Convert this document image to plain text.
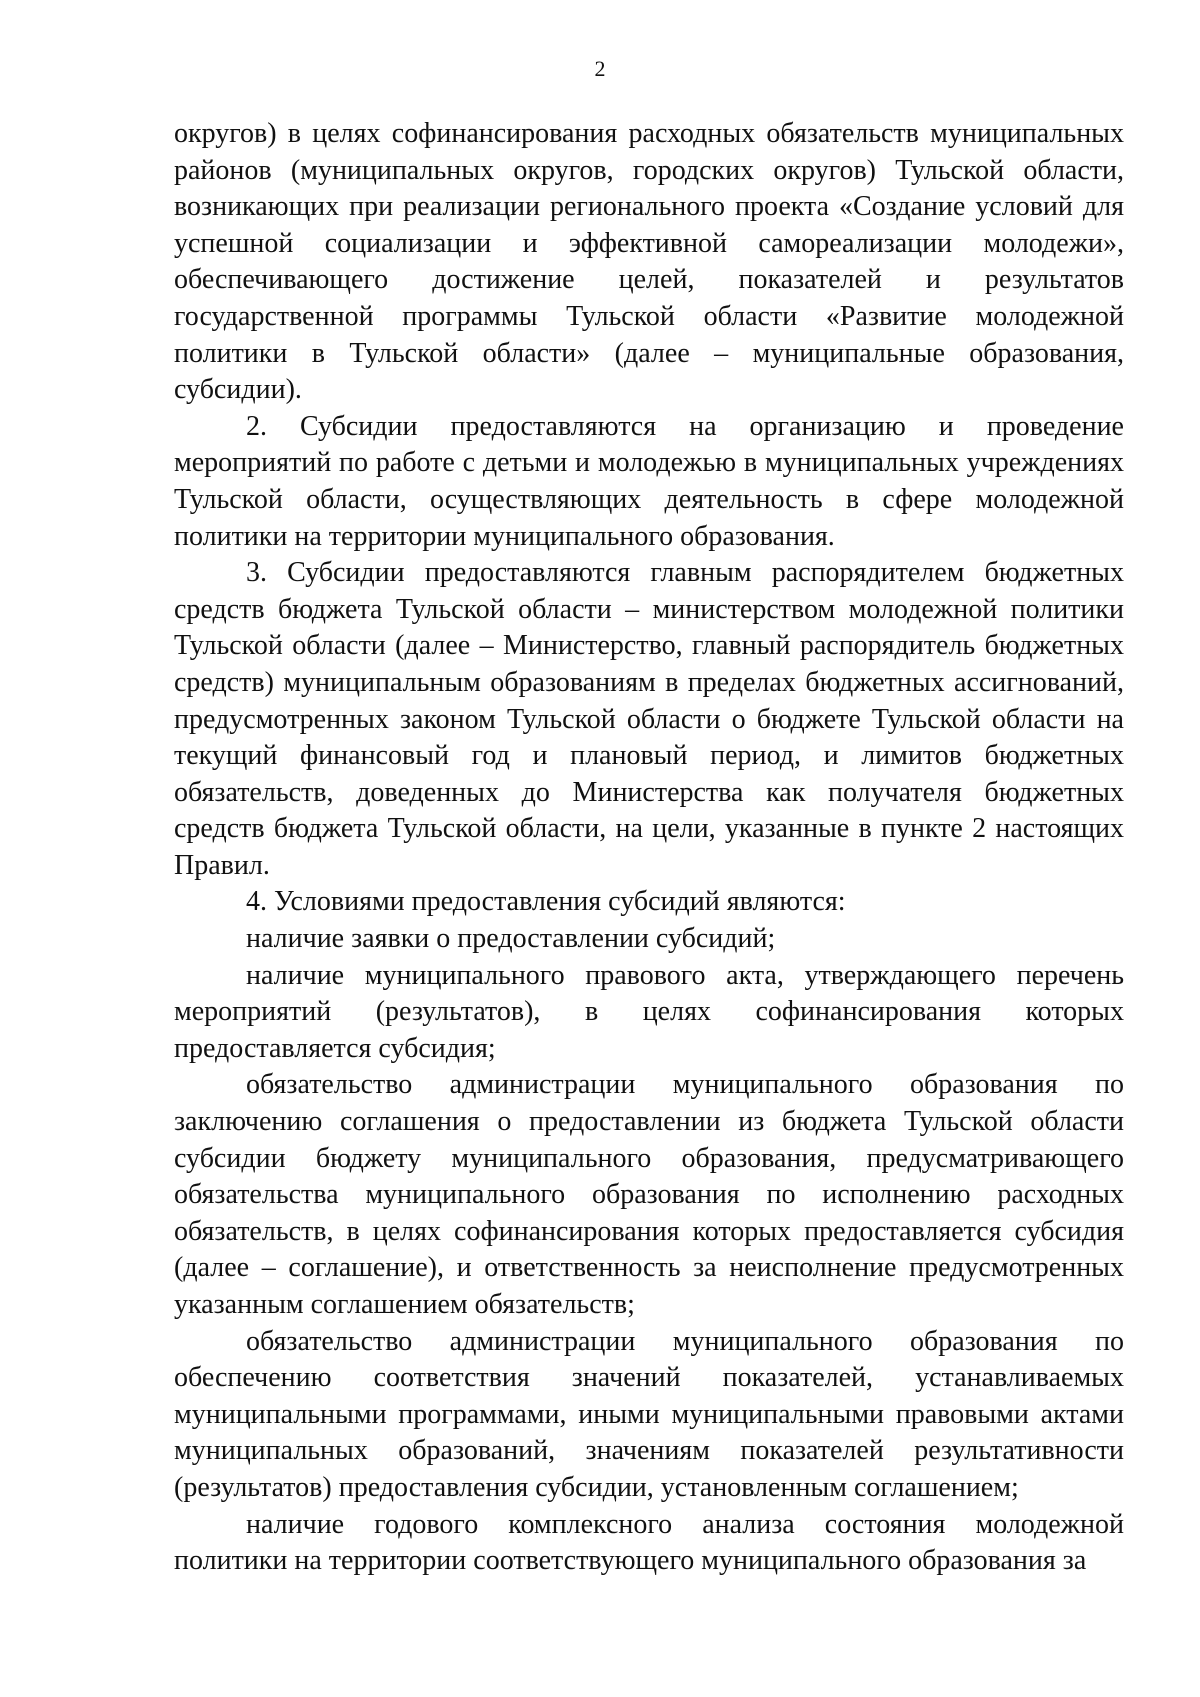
2

округов) в целях софинансирования расходных обязательств муниципальных районов (муниципальных округов, городских округов) Тульской области, возникающих при реализации регионального проекта «Создание условий для успешной социализации и эффективной самореализации молодежи», обеспечивающего достижение целей, показателей и результатов государственной программы Тульской области «Развитие молодежной политики в Тульской области» (далее – муниципальные образования, субсидии).

2. Субсидии предоставляются на организацию и проведение мероприятий по работе с детьми и молодежью в муниципальных учреждениях Тульской области, осуществляющих деятельность в сфере молодежной политики на территории муниципального образования.

3. Субсидии предоставляются главным распорядителем бюджетных средств бюджета Тульской области – министерством молодежной политики Тульской области (далее – Министерство, главный распорядитель бюджетных средств) муниципальным образованиям в пределах бюджетных ассигнований, предусмотренных законом Тульской области о бюджете Тульской области на текущий финансовый год и плановый период, и лимитов бюджетных обязательств, доведенных до Министерства как получателя бюджетных средств бюджета Тульской области, на цели, указанные в пункте 2 настоящих Правил.

4. Условиями предоставления субсидий являются:

наличие заявки о предоставлении субсидий;

наличие муниципального правового акта, утверждающего перечень мероприятий (результатов), в целях софинансирования которых предоставляется субсидия;

обязательство администрации муниципального образования по заключению соглашения о предоставлении из бюджета Тульской области субсидии бюджету муниципального образования, предусматривающего обязательства муниципального образования по исполнению расходных обязательств, в целях софинансирования которых предоставляется субсидия (далее – соглашение), и ответственность за неисполнение предусмотренных указанным соглашением обязательств;

обязательство администрации муниципального образования по обеспечению соответствия значений показателей, устанавливаемых муниципальными программами, иными муниципальными правовыми актами муниципальных образований, значениям показателей результативности (результатов) предоставления субсидии, установленным соглашением;

наличие годового комплексного анализа состояния молодежной политики на территории соответствующего муниципального образования за
